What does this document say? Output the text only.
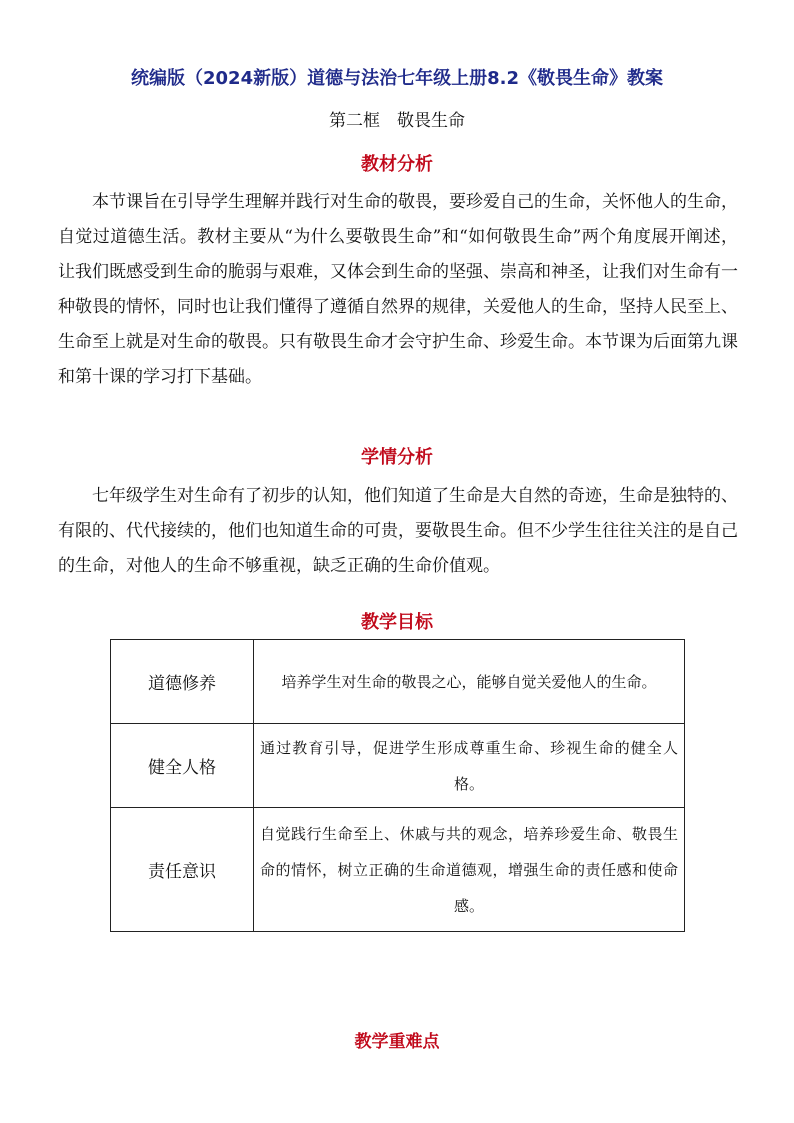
统编版（2024新版）道德与法治七年级上册8.2《敬畏生命》教案
第二框　敬畏生命
教材分析

本节课旨在引导学生理解并践行对生命的敬畏，要珍爱自己的生命，关怀他人的生命，自觉过道德生活。教材主要从“为什么要敬畏生命”和“如何敬畏生命”两个角度展开阐述，让我们既感受到生命的脆弱与艰难，又体会到生命的坚强、崇高和神圣，让我们对生命有一种敬畏的情怀，同时也让我们懂得了遵循自然界的规律，关爱他人的生命，坚持人民至上、生命至上就是对生命的敬畏。只有敬畏生命才会守护生命、珍爱生命。本节课为后面第九课和第十课的学习打下基础。

学情分析

七年级学生对生命有了初步的认知，他们知道了生命是大自然的奇迹，生命是独特的、有限的、代代接续的，他们也知道生命的可贵，要敬畏生命。但不少学生往往关注的是自己的生命，对他人的生命不够重视，缺乏正确的生命价值观。

教学目标
道德修养	培养学生对生命的敬畏之心，能够自觉关爱他人的生命。
健全人格	通过教育引导，促进学生形成尊重生命、珍视生命的健全人格。
责任意识	自觉践行生命至上、休戚与共的观念，培养珍爱生命、敬畏生命的情怀，树立正确的生命道德观，增强生命的责任感和使命感。
教学重难点
